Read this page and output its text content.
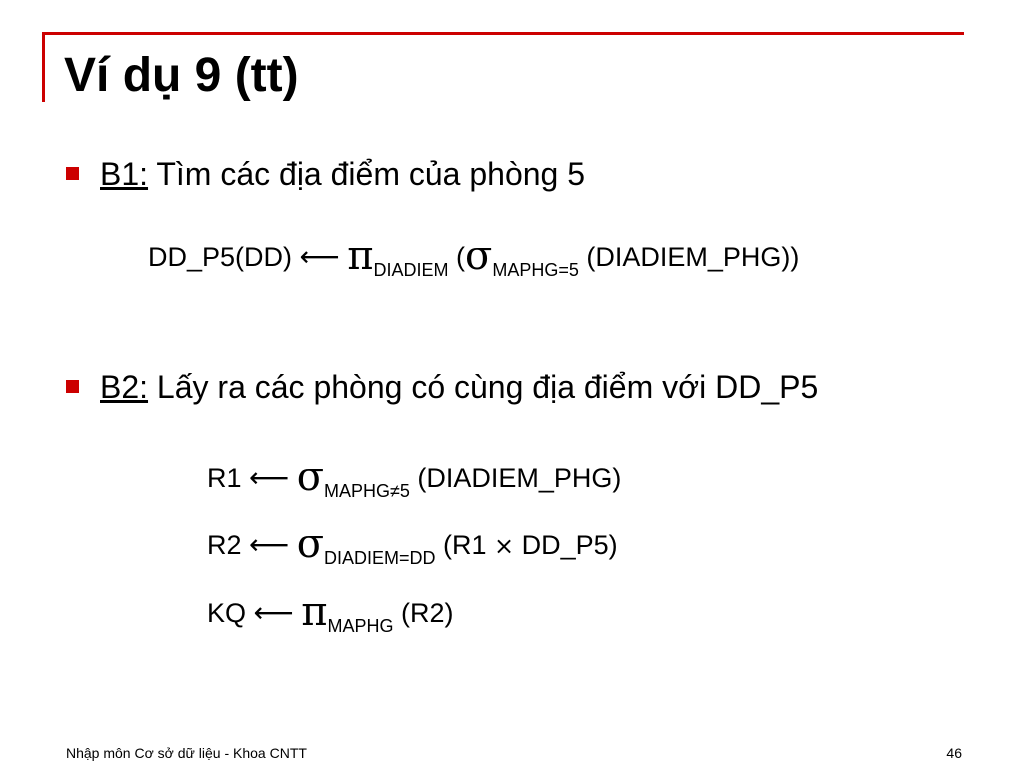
Ví dụ 9 (tt)
B1: Tìm các địa điểm của phòng 5
DD_P5(DD) ⟵ $\pi_{DIADIEM}$ ($\sigma_{MAPHG=5}$ (DIADIEM_PHG))
B2: Lấy ra các phòng có cùng địa điểm với DD_P5
R1 ⟵ $\sigma_{MAPHG\ne 5}$ (DIADIEM_PHG)
R2 ⟵ $\sigma_{DIADIEM=DD}$ (R1 × DD_P5)
KQ ⟵ $\pi_{MAPHG}$ (R2)
Nhập môn Cơ sở dữ liệu - Khoa CNTT	46
